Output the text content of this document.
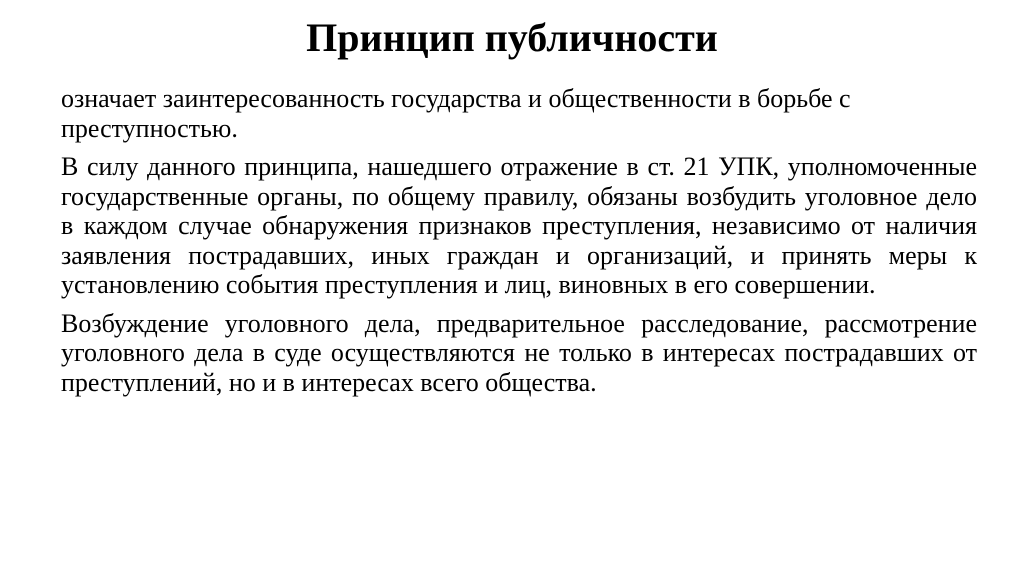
Принцип публичности

означает заинтересованность государства и общественности в борьбе с преступностью.

В силу данного принципа, нашедшего отражение в ст. 21 УПК, уполномоченные государственные органы, по общему правилу, обязаны возбудить уголовное дело в каждом случае обнаружения признаков преступления, независимо от наличия заявления пострадавших, иных граждан и организаций, и принять меры к установлению события преступления и лиц, виновных в его совершении.

Возбуждение уголовного дела, предварительное расследование, рассмотрение уголовного дела в суде осуществляются не только в интересах пострадавших от преступлений, но и в интересах всего общества.
